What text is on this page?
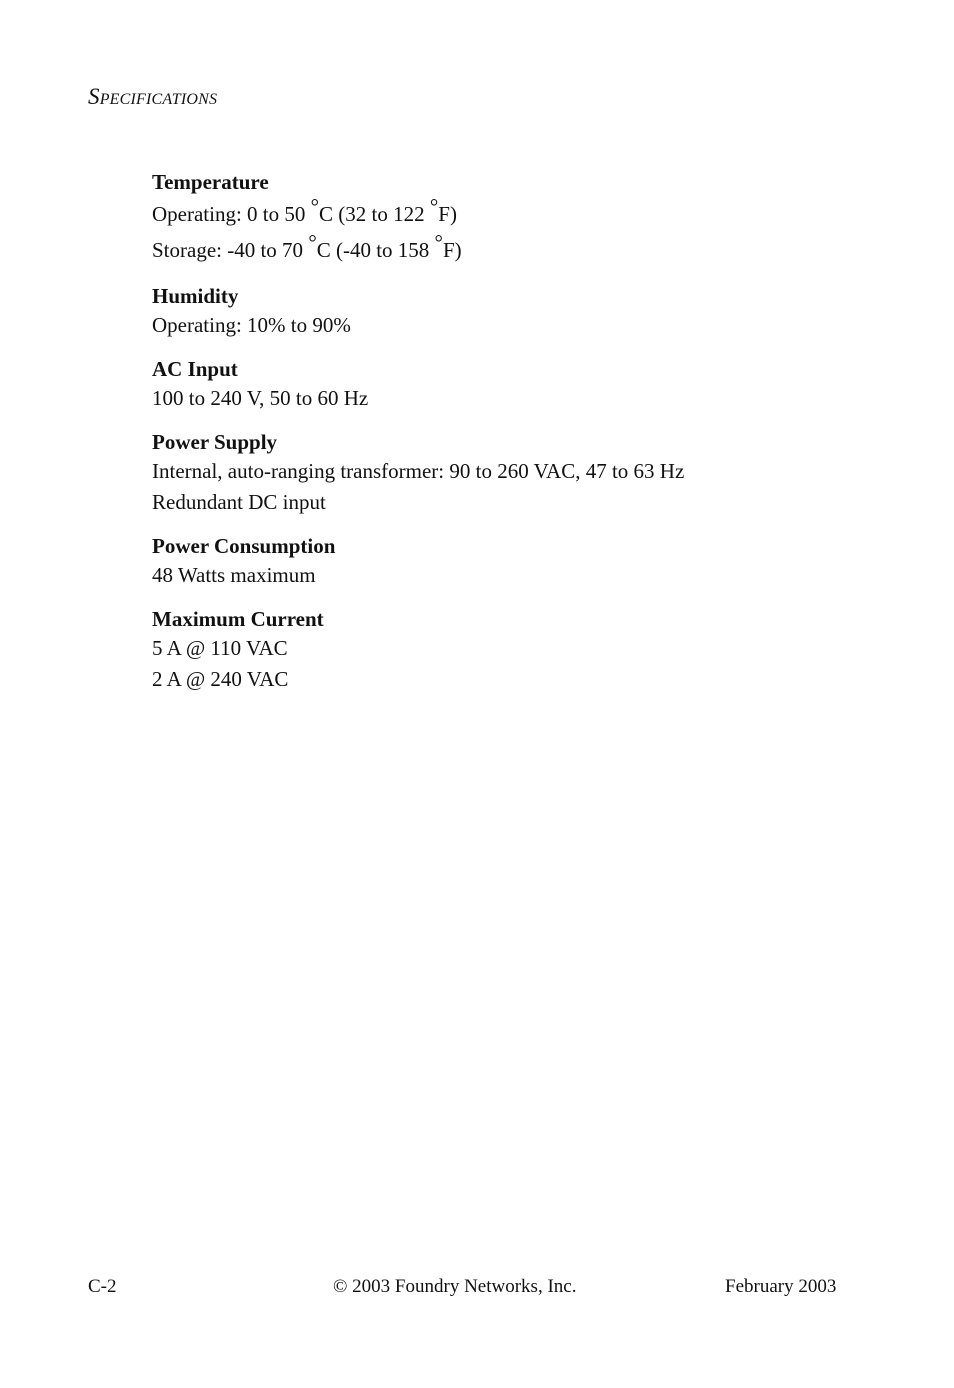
SPECIFICATIONS
Temperature
Operating: 0 to 50 °C (32 to 122 °F)
Storage: -40 to 70 °C (-40 to 158 °F)
Humidity
Operating: 10% to 90%
AC Input
100 to 240 V, 50 to 60 Hz
Power Supply
Internal, auto-ranging transformer: 90 to 260 VAC, 47 to 63 Hz
Redundant DC input
Power Consumption
48 Watts maximum
Maximum Current
5 A @ 110 VAC
2 A @ 240 VAC
C-2	© 2003 Foundry Networks, Inc.	February 2003
